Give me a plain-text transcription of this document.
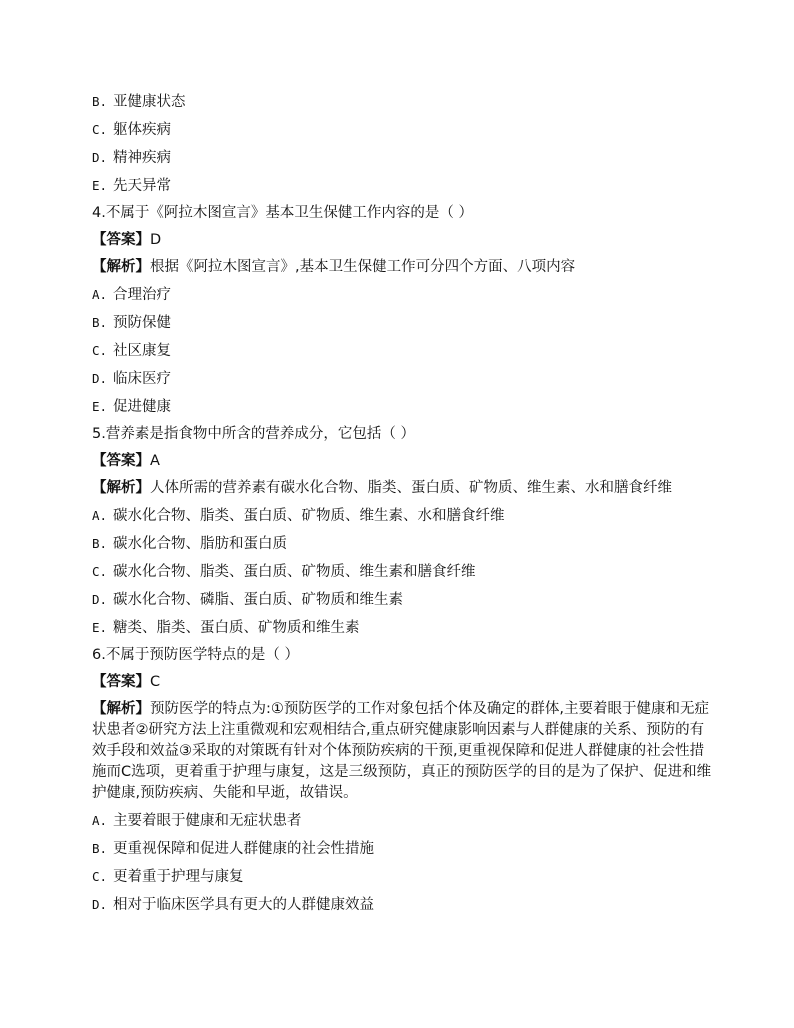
B. 亚健康状态
C. 躯体疾病
D. 精神疾病
E. 先天异常
4.不属于《阿拉木图宣言》基本卫生保健工作内容的是（ ）
【答案】D
【解析】根据《阿拉木图宣言》,基本卫生保健工作可分四个方面、八项内容
A. 合理治疗
B. 预防保健
C. 社区康复
D. 临床医疗
E. 促进健康
5.营养素是指食物中所含的营养成分，它包括（ ）
【答案】A
【解析】人体所需的营养素有碳水化合物、脂类、蛋白质、矿物质、维生素、水和膳食纤维
A. 碳水化合物、脂类、蛋白质、矿物质、维生素、水和膳食纤维
B. 碳水化合物、脂肪和蛋白质
C. 碳水化合物、脂类、蛋白质、矿物质、维生素和膳食纤维
D. 碳水化合物、磷脂、蛋白质、矿物质和维生素
E. 糖类、脂类、蛋白质、矿物质和维生素
6.不属于预防医学特点的是（ ）
【答案】C
【解析】预防医学的特点为:①预防医学的工作对象包括个体及确定的群体,主要着眼于健康和无症状患者②研究方法上注重微观和宏观相结合,重点研究健康影响因素与人群健康的关系、预防的有效手段和效益③采取的对策既有针对个体预防疾病的干预,更重视保障和促进人群健康的社会性措施而C选项，更着重于护理与康复，这是三级预防，真正的预防医学的目的是为了保护、促进和维护健康,预防疾病、失能和早逝，故错误。
A. 主要着眼于健康和无症状患者
B. 更重视保障和促进人群健康的社会性措施
C. 更着重于护理与康复
D. 相对于临床医学具有更大的人群健康效益
